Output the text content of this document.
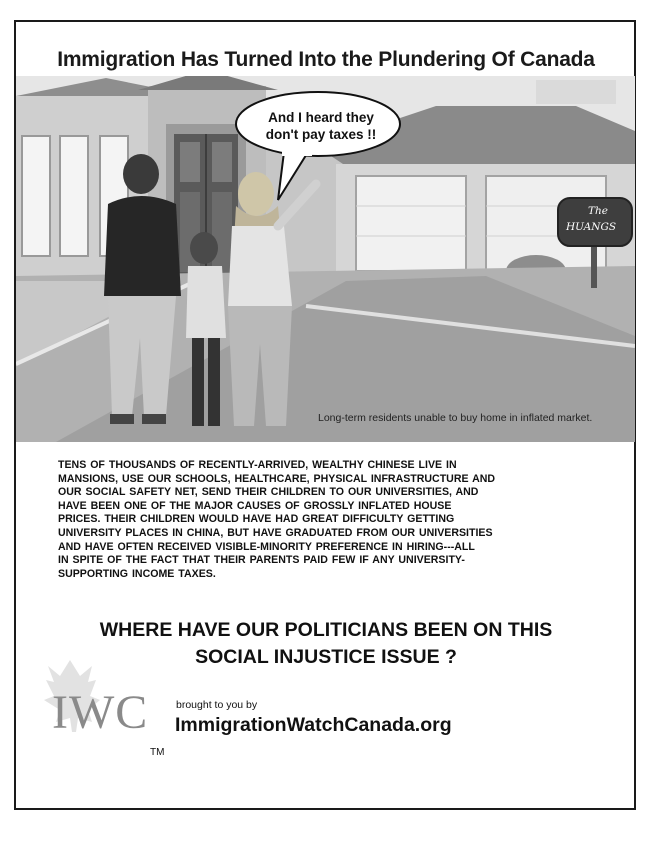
Immigration Has Turned Into the Plundering Of Canada
And I heard they
don't pay taxes !!
The
HUANGS
Long-term residents unable to buy home in inflated market.
TENS OF THOUSANDS OF RECENTLY-ARRIVED, WEALTHY CHINESE LIVE IN
MANSIONS, USE OUR SCHOOLS, HEALTHCARE, PHYSICAL INFRASTRUCTURE AND
OUR SOCIAL SAFETY NET, SEND THEIR CHILDREN TO OUR UNIVERSITIES, AND
HAVE BEEN ONE OF THE MAJOR CAUSES OF GROSSLY INFLATED HOUSE
PRICES. THEIR CHILDREN WOULD HAVE HAD GREAT DIFFICULTY GETTING
UNIVERSITY PLACES IN CHINA, BUT HAVE GRADUATED FROM OUR UNIVERSITIES
AND HAVE OFTEN RECEIVED VISIBLE-MINORITY PREFERENCE IN HIRING---ALL
IN SPITE OF THE FACT THAT THEIR PARENTS PAID FEW IF ANY UNIVERSITY-
SUPPORTING INCOME TAXES.
WHERE HAVE OUR POLITICIANS BEEN ON THIS
SOCIAL INJUSTICE ISSUE ?
IWC
TM
brought to you by
ImmigrationWatchCanada.org
